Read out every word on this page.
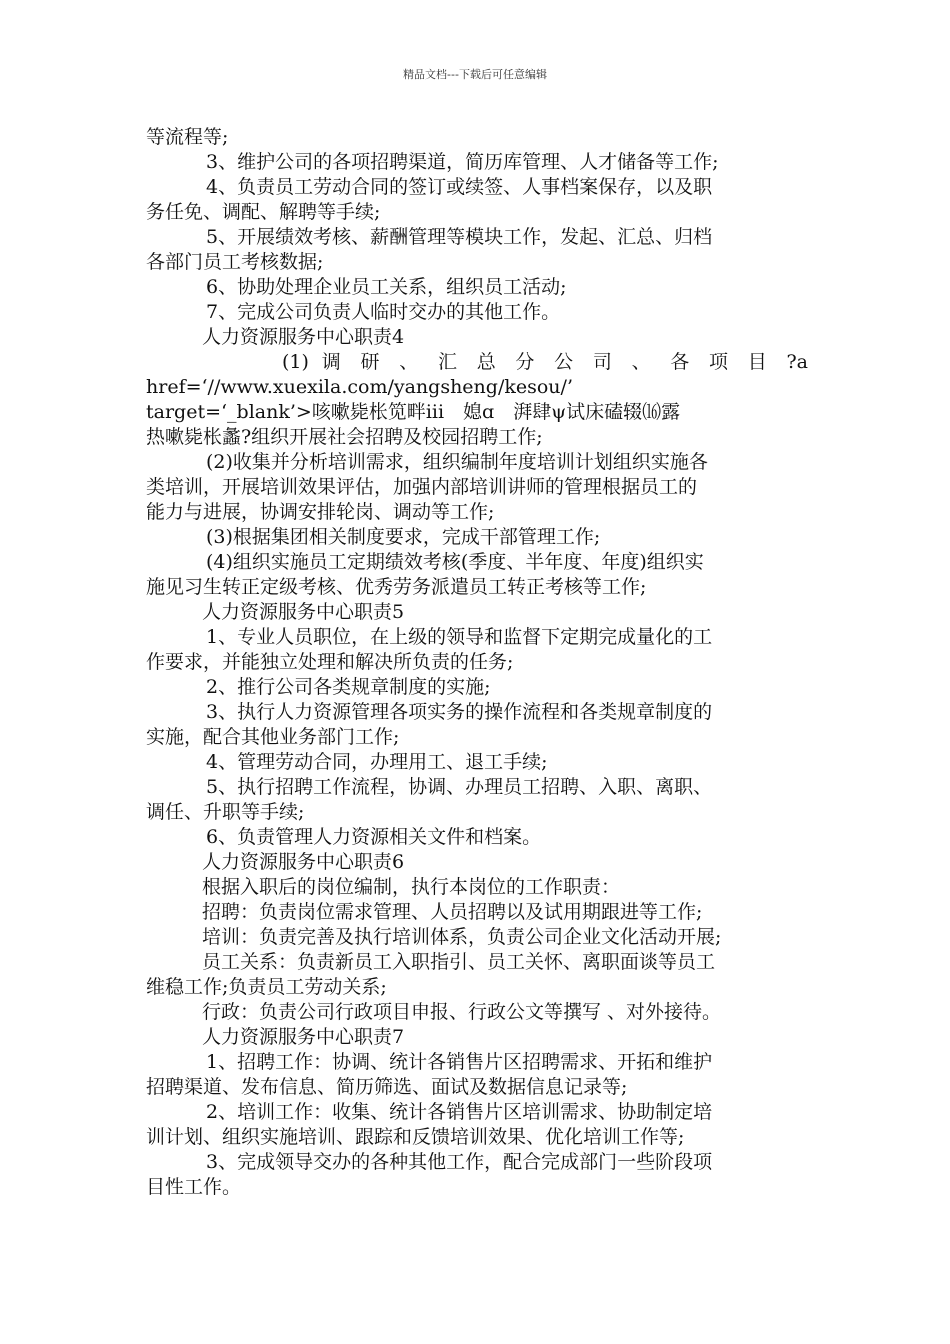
精品文档---下载后可任意编辑
等流程等;
3、维护公司的各项招聘渠道，简历库管理、人才储备等工作;
4、负责员工劳动合同的签订或续签、人事档案保存，以及职
务任免、调配、解聘等手续;
5、开展绩效考核、薪酬管理等模块工作，发起、汇总、归档
各部门员工考核数据;
6、协助处理企业员工关系，组织员工活动;
7、完成公司负责人临时交办的其他工作。
人力资源服务中心职责4
(1) 调 研 、 汇 总 分 公 司 、 各 项 目 ?a
href=‘//www.xuexila.com/yangsheng/kesou/’
target=‘_blank’>咳嗽毙枨笕畔iii　媳ɑ　湃肆ψ试床磕辍⒃露
热嗽毙枨蠡?组织开展社会招聘及校园招聘工作;
(2)收集并分析培训需求，组织编制年度培训计划组织实施各
类培训，开展培训效果评估，加强内部培训讲师的管理根据员工的
能力与进展，协调安排轮岗、调动等工作;
(3)根据集团相关制度要求，完成干部管理工作;
(4)组织实施员工定期绩效考核(季度、半年度、年度)组织实
施见习生转正定级考核、优秀劳务派遣员工转正考核等工作;
人力资源服务中心职责5
1、专业人员职位，在上级的领导和监督下定期完成量化的工
作要求，并能独立处理和解决所负责的任务;
2、推行公司各类规章制度的实施;
3、执行人力资源管理各项实务的操作流程和各类规章制度的
实施，配合其他业务部门工作;
4、管理劳动合同，办理用工、退工手续;
5、执行招聘工作流程，协调、办理员工招聘、入职、离职、
调任、升职等手续;
6、负责管理人力资源相关文件和档案。
人力资源服务中心职责6
根据入职后的岗位编制，执行本岗位的工作职责：
招聘：负责岗位需求管理、人员招聘以及试用期跟进等工作;
培训：负责完善及执行培训体系，负责公司企业文化活动开展;
员工关系：负责新员工入职指引、员工关怀、离职面谈等员工
维稳工作;负责员工劳动关系;
行政：负责公司行政项目申报、行政公文等撰写 、对外接待。
人力资源服务中心职责7
1、招聘工作：协调、统计各销售片区招聘需求、开拓和维护
招聘渠道、发布信息、简历筛选、面试及数据信息记录等;
2、培训工作：收集、统计各销售片区培训需求、协助制定培
训计划、组织实施培训、跟踪和反馈培训效果、优化培训工作等;
3、完成领导交办的各种其他工作，配合完成部门一些阶段项
目性工作。
